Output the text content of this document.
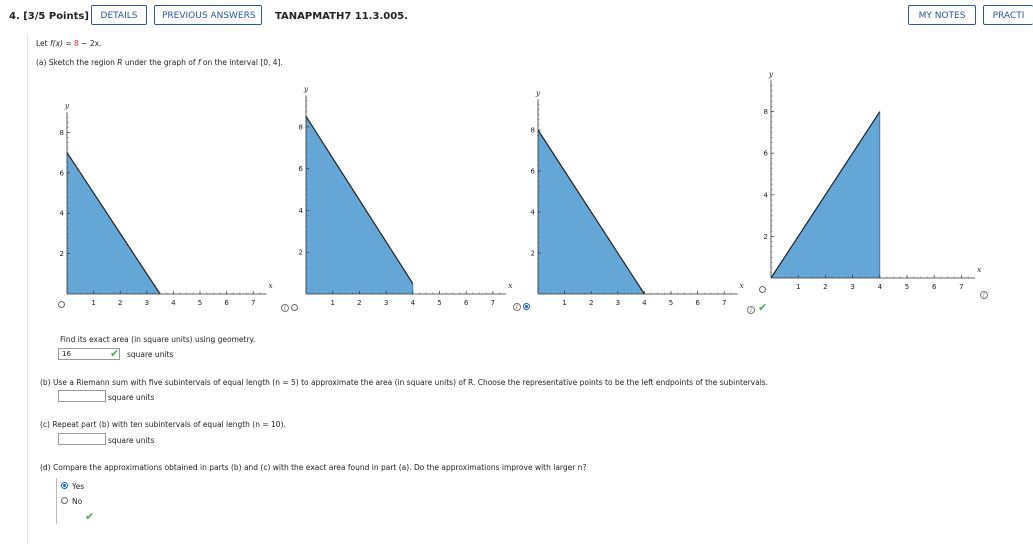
4. [3/5 Points]	DETAILS	PREVIOUS ANSWERS	TANAPMATH7 11.3.005.	MY NOTES	PRACTI
Let f(x) = 8 − 2x.
(a) Sketch the region R under the graph of f on the interval [0, 4].
1	2	3	4	5	6	7
2
4
6
8
x
y
1	2	3	4	5	6	7
2
4
6
8
x
y
1	2	3	4	5	6	7
2
4
6
8
x
y
1	2	3	4	5	6	7
2
4
6
8
x
y
i	i	i ✔
i
Find its exact area (in square units) using geometry.
16	✔ square units
(b) Use a Riemann sum with five subintervals of equal length (n = 5) to approximate the area (in square units) of R. Choose the representative points to be the left endpoints of the subintervals.
square units
(c) Repeat part (b) with ten subintervals of equal length (n = 10).
square units
(d) Compare the approximations obtained in parts (b) and (c) with the exact area found in part (a). Do the approximations improve with larger n?
Yes
No
✔
